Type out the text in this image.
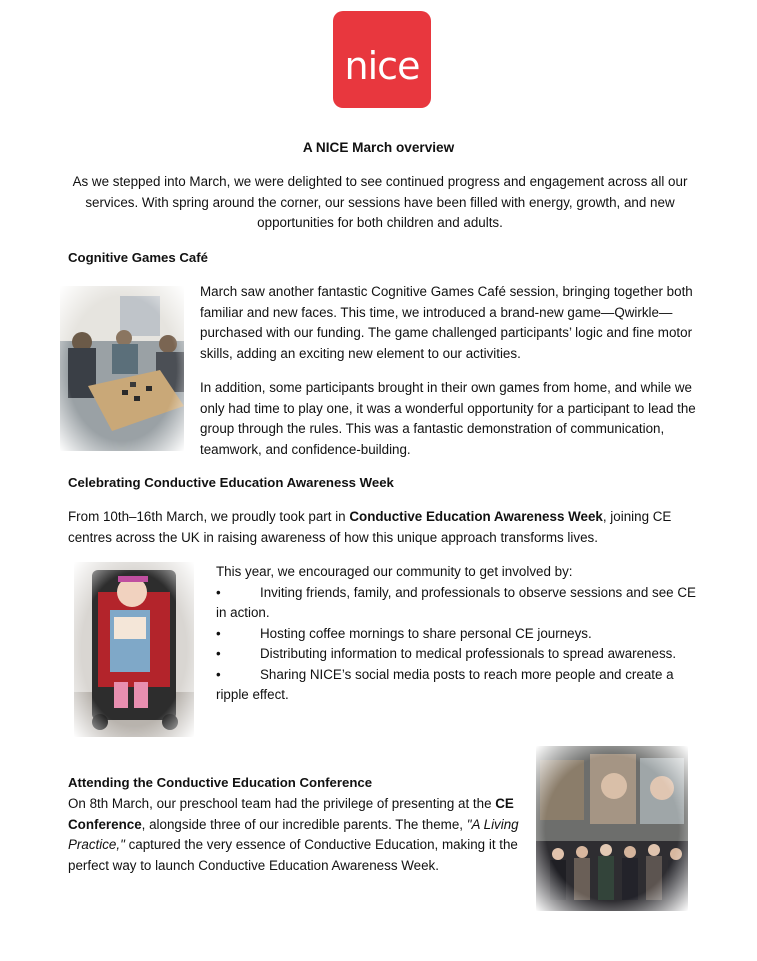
nice
A NICE March overview
As we stepped into March, we were delighted to see continued progress and engagement across all our services. With spring around the corner, our sessions have been filled with energy, growth, and new opportunities for both children and adults.
Cognitive Games Café

March saw another fantastic Cognitive Games Café session, bringing together both familiar and new faces. This time, we introduced a brand-new game—Qwirkle—purchased with our funding. The game challenged participants’ logic and fine motor skills, adding an exciting new element to our activities.

In addition, some participants brought in their own games from home, and while we only had time to play one, it was a wonderful opportunity for a participant to lead the group through the rules. This was a fantastic demonstration of communication, teamwork, and confidence-building.

Celebrating Conductive Education Awareness Week
From 10th–16th March, we proudly took part in Conductive Education Awareness Week, joining CE centres across the UK in raising awareness of how this unique approach transforms lives.

This year, we encouraged our community to get involved by:

•	Inviting friends, family, and professionals to observe sessions and see CE in action.

•	Hosting coffee mornings to share personal CE journeys.

•	Distributing information to medical professionals to spread awareness.

•	Sharing NICE’s social media posts to reach more people and create a ripple effect.

Attending the Conductive Education Conference
On 8th March, our preschool team had the privilege of presenting at the CE Conference, alongside three of our incredible parents. The theme, "A Living Practice," captured the very essence of Conductive Education, making it the perfect way to launch Conductive Education Awareness Week.
